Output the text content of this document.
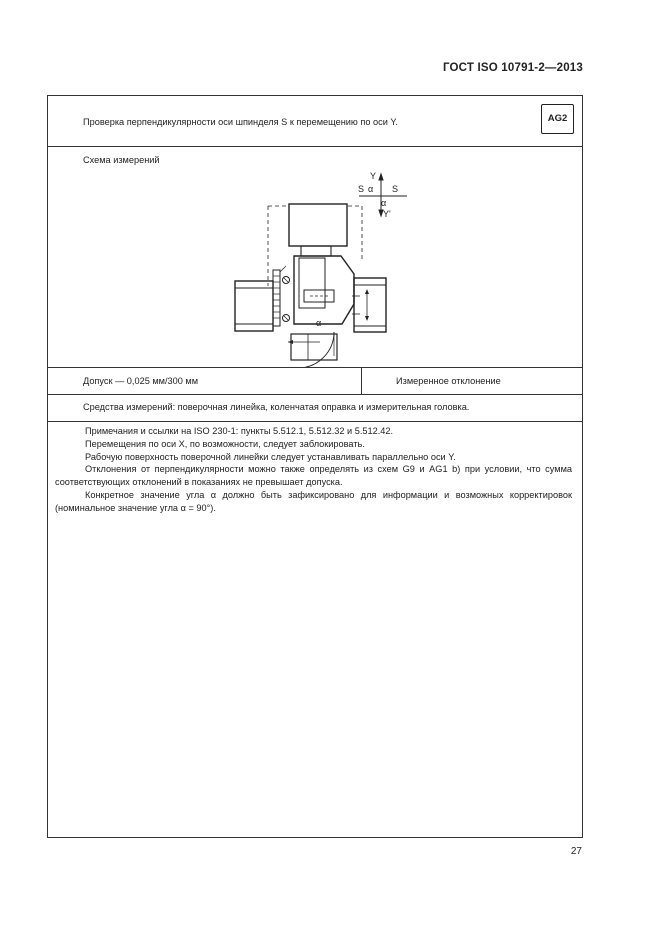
ГОСТ ISO 10791-2—2013
Проверка перпендикулярности оси шпинделя S к перемещению по оси Y.	AG2
Схема измерений
Y
S α S
α
Y'
α
Допуск — 0,025 мм/300 мм	Измеренное отклонение
Средства измерений: поверочная линейка, коленчатая оправка и измерительная головка.

Примечания и ссылки на ISO 230-1: пункты 5.512.1, 5.512.32 и 5.512.42.

Перемещения по оси X, по возможности, следует заблокировать.

Рабочую поверхность поверочной линейки следует устанавливать параллельно оси Y.

Отклонения от перпендикулярности можно также определять из схем G9 и AG1 b) при условии, что сумма соответствующих отклонений в показаниях не превышает допуска.

Конкретное значение угла α должно быть зафиксировано для информации и возможных корректировок (номинальное значение угла α = 90°).

27
